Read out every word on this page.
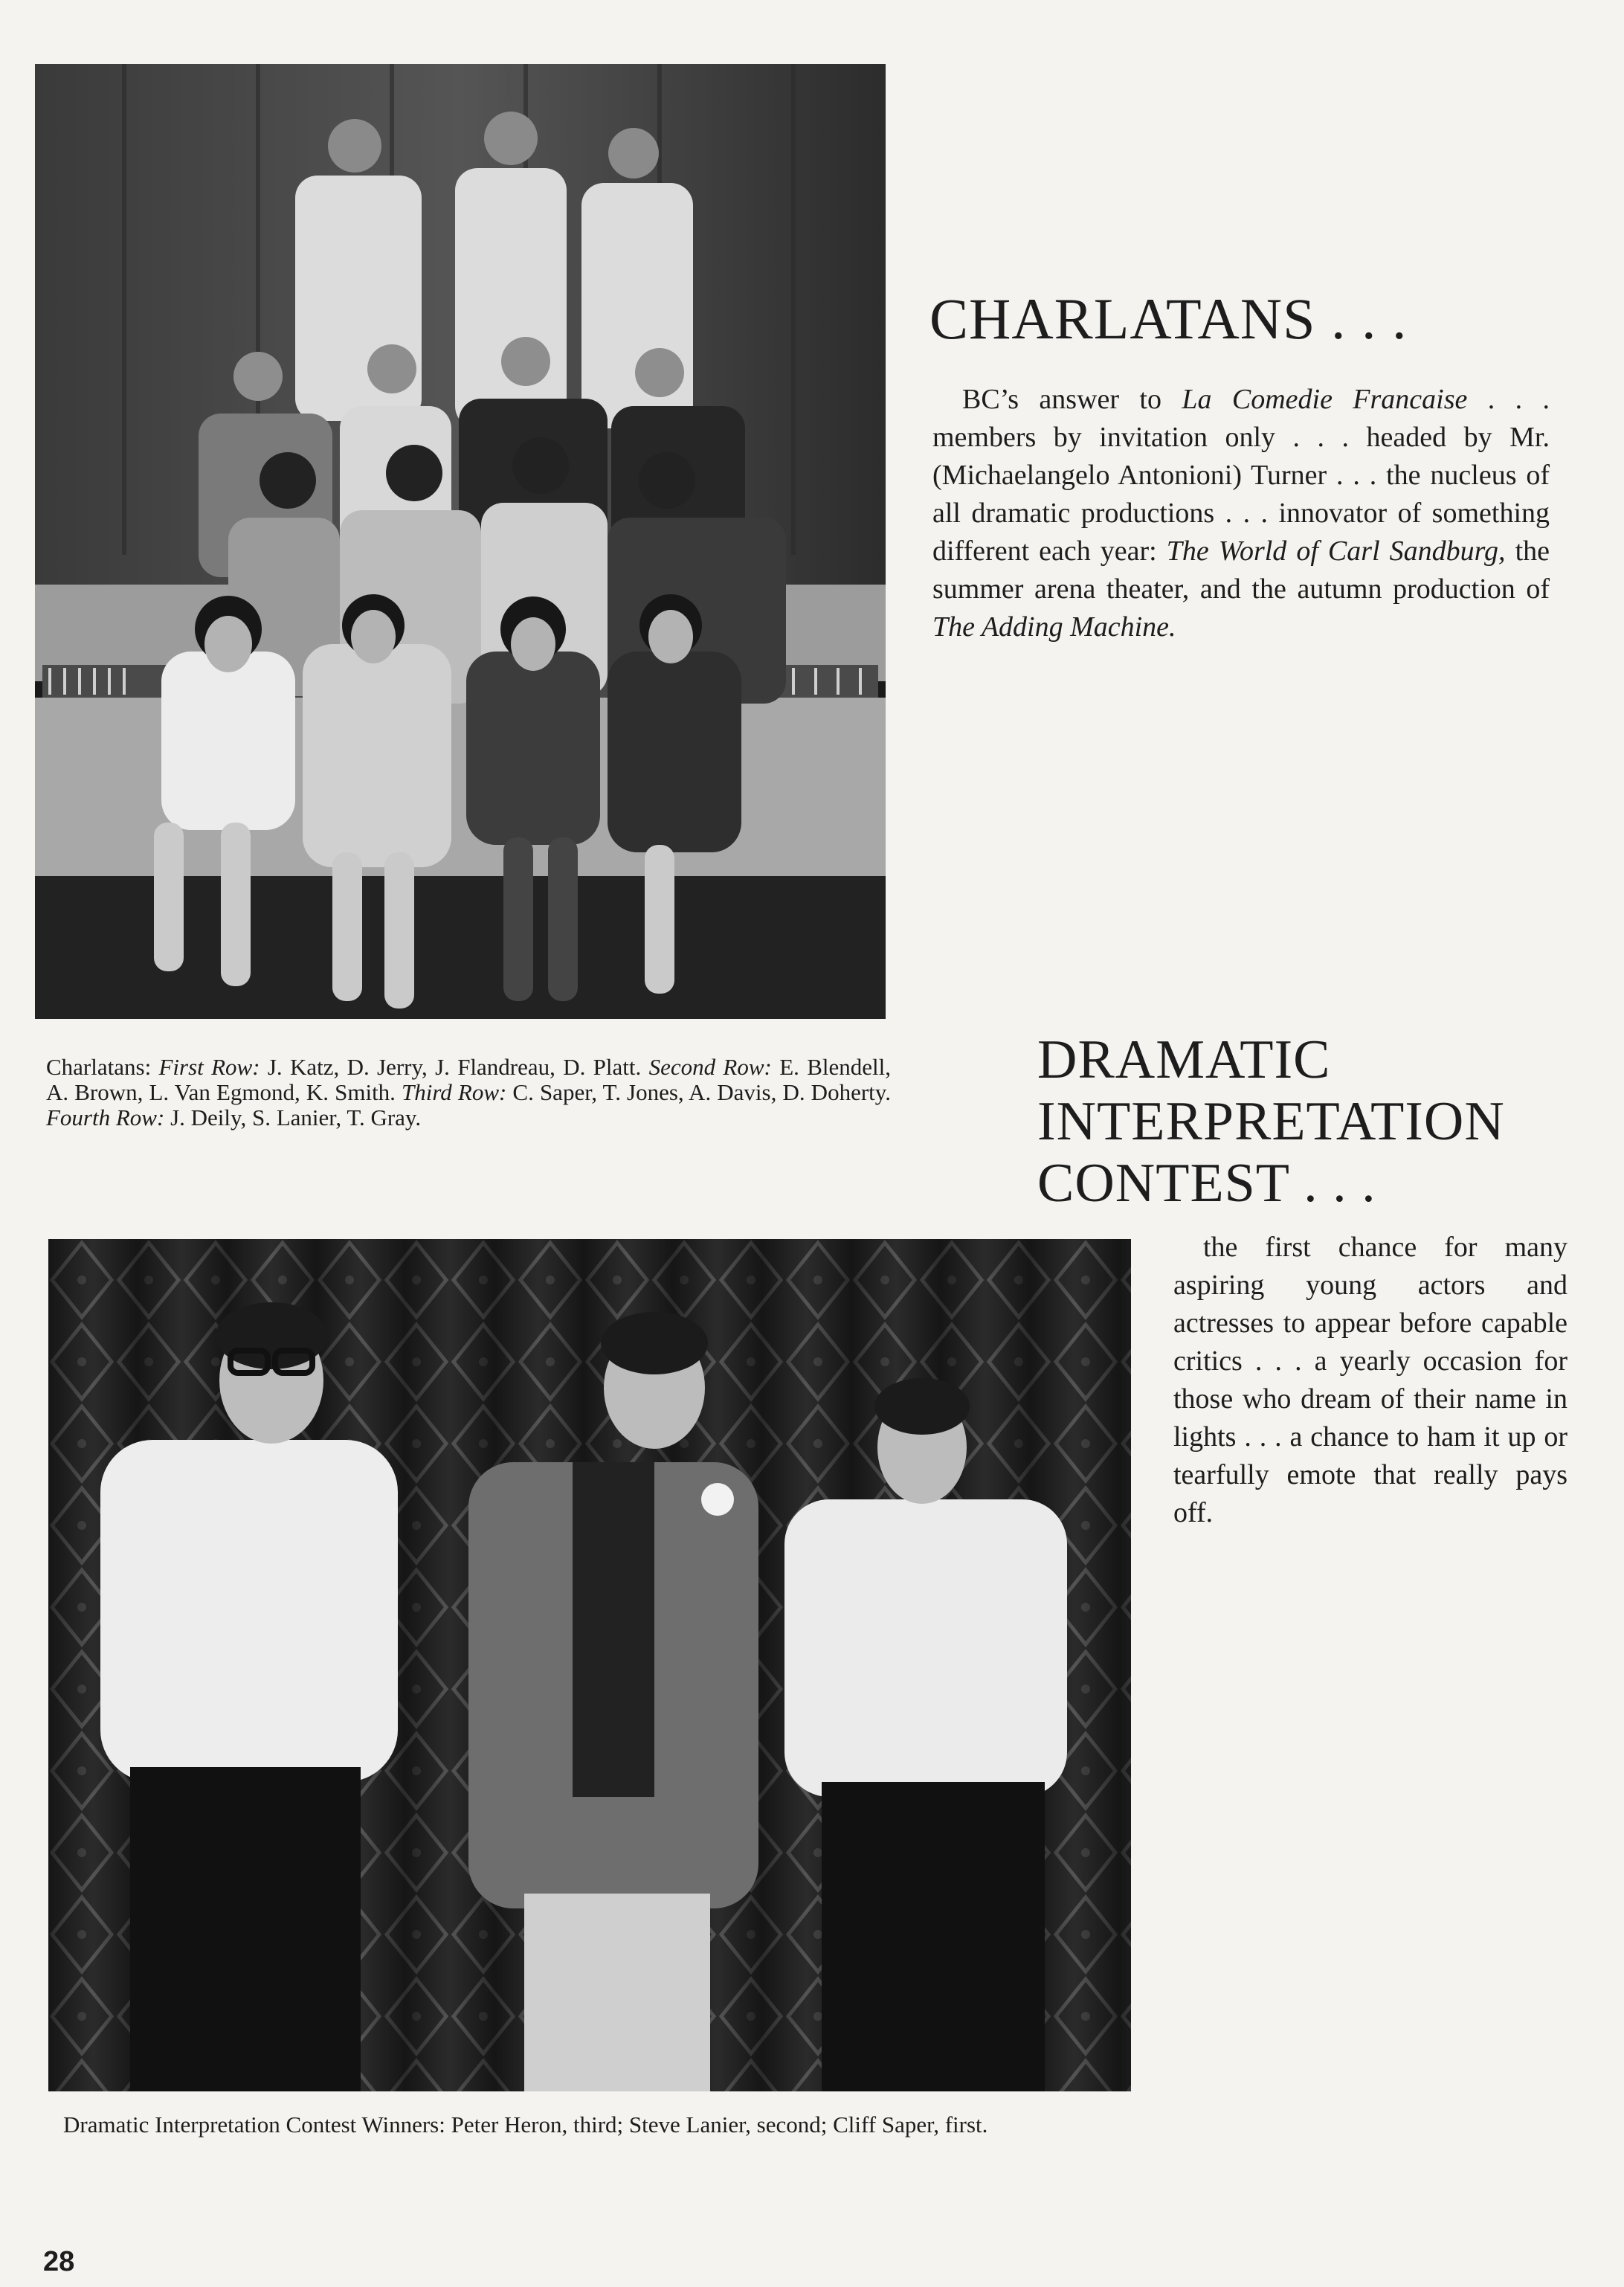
CHARLATANS . . .

BC’s answer to La Comedie Francaise . . . members by invitation only . . . headed by Mr. (Michaelangelo Antonioni) Turner . . . the nucleus of all dramatic productions . . . innovator of something different each year: The World of Carl Sandburg, the summer arena theater, and the autumn production of The Adding Machine.

Charlatans: First Row: J. Katz, D. Jerry, J. Flandreau, D. Platt. Second Row: E. Blendell, A. Brown, L. Van Egmond, K. Smith. Third Row: C. Saper, T. Jones, A. Davis, D. Doherty. Fourth Row: J. Deily, S. Lanier, T. Gray.

DRAMATIC
INTERPRETATION
CONTEST . . .

the first chance for many aspiring young actors and actresses to appear before capable critics . . . a yearly occasion for those who dream of their name in lights . . . a chance to ham it up or tearfully emote that really pays off.

Dramatic Interpretation Contest Winners: Peter Heron, third; Steve Lanier, second; Cliff Saper, first.

28
